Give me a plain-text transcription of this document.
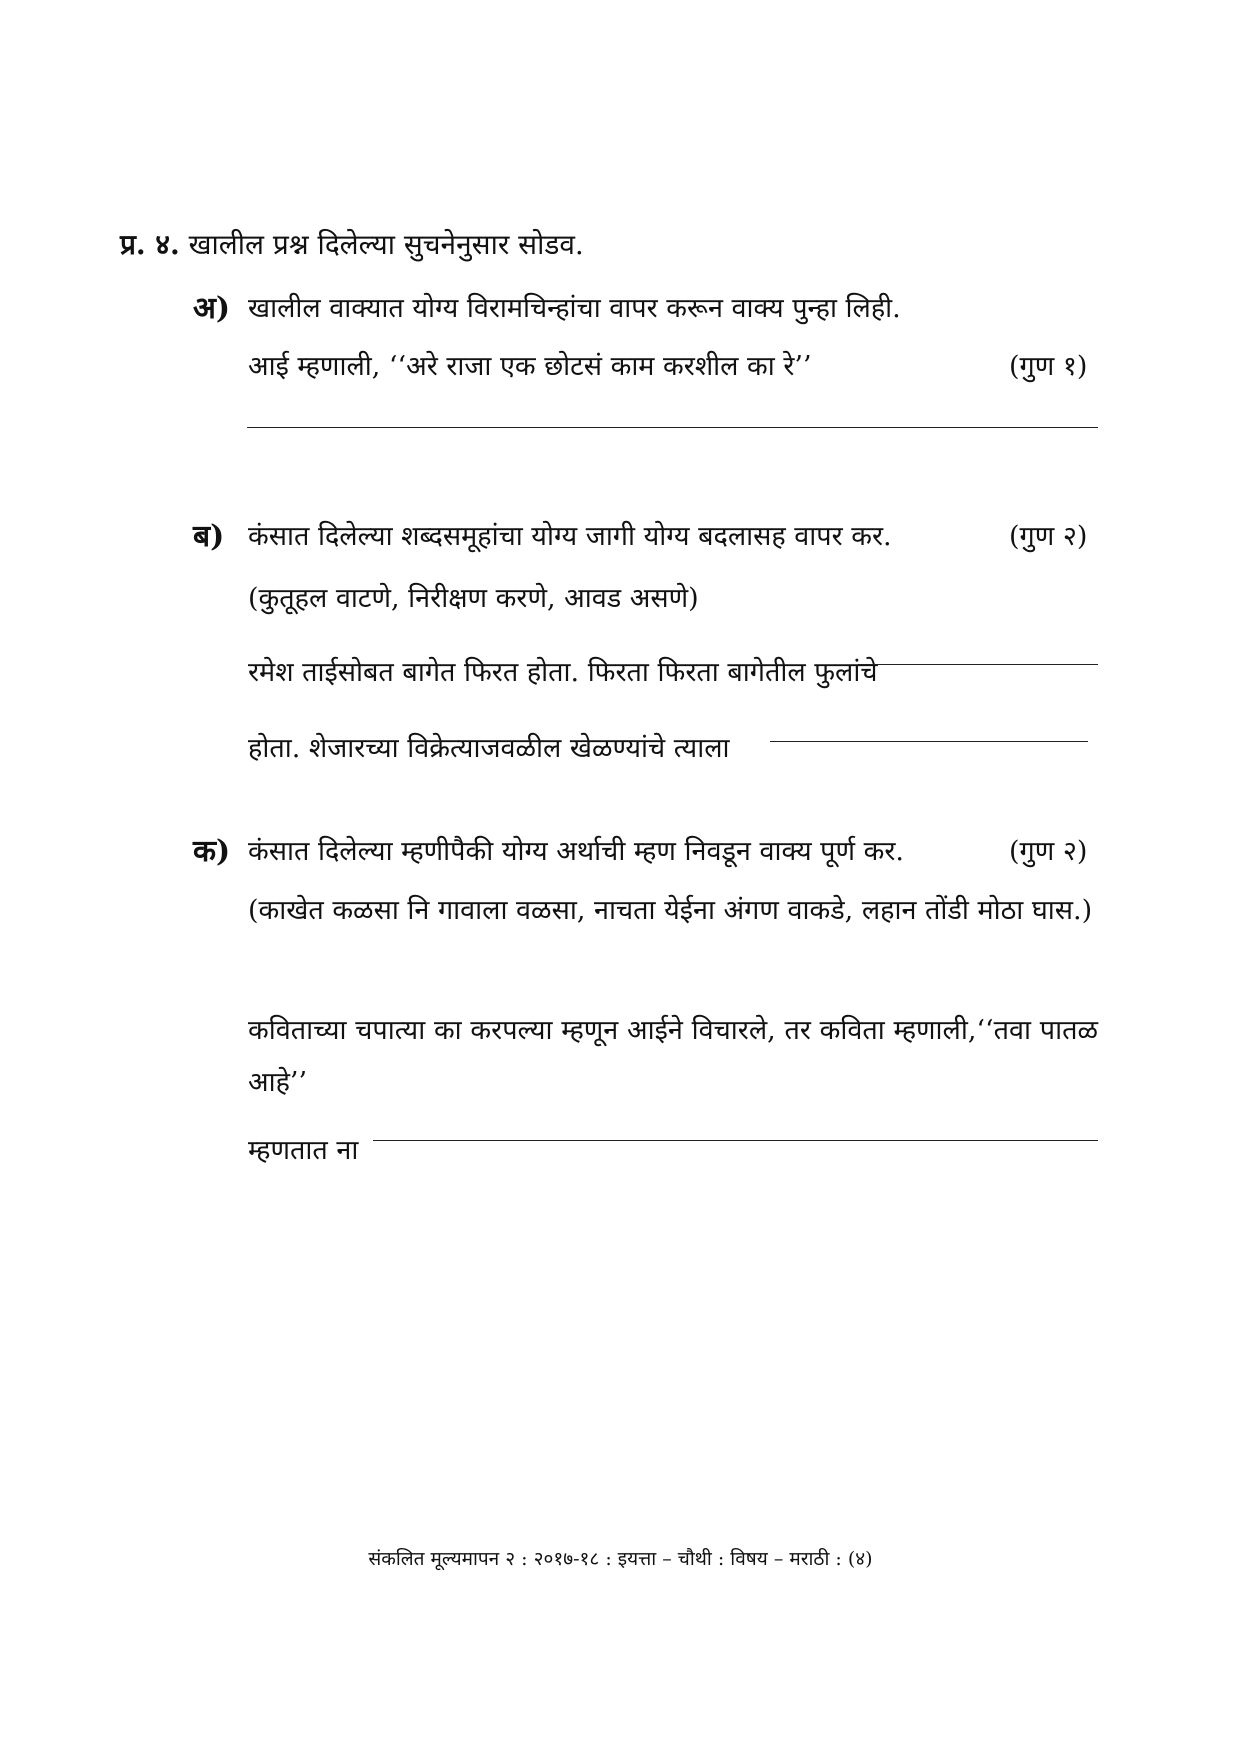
प्र. ४. खालील प्रश्न दिलेल्या सुचनेनुसार सोडव.
अ) खालील वाक्यात योग्य विरामचिन्हांचा वापर करून वाक्य पुन्हा लिही.
आई म्हणाली, ‘‘अरे राजा एक छोटसं काम करशील का रे’’	(गुण १)
ब) कंसात दिलेल्या शब्दसमूहांचा योग्य जागी योग्य बदलासह वापर कर.	(गुण २)
(कुतूहल वाटणे, निरीक्षण करणे, आवड असणे)
रमेश ताईसोबत बागेत फिरत होता. फिरता फिरता बागेतील फुलांचे
होता. शेजारच्या विक्रेत्याजवळील खेळण्यांचे त्याला
क) कंसात दिलेल्या म्हणीपैकी योग्य अर्थाची म्हण निवडून वाक्य पूर्ण कर.	(गुण २)
(काखेत कळसा नि गावाला वळसा, नाचता येईना अंगण वाकडे, लहान तोंडी मोठा घास.)
कविताच्या चपात्या का करपल्या म्हणून आईने विचारले, तर कविता म्हणाली,‘‘तवा पातळ आहे’’
म्हणतात ना
संकलित मूल्यमापन २ : २०१७-१८ : इयत्ता – चौथी : विषय – मराठी : (४)
